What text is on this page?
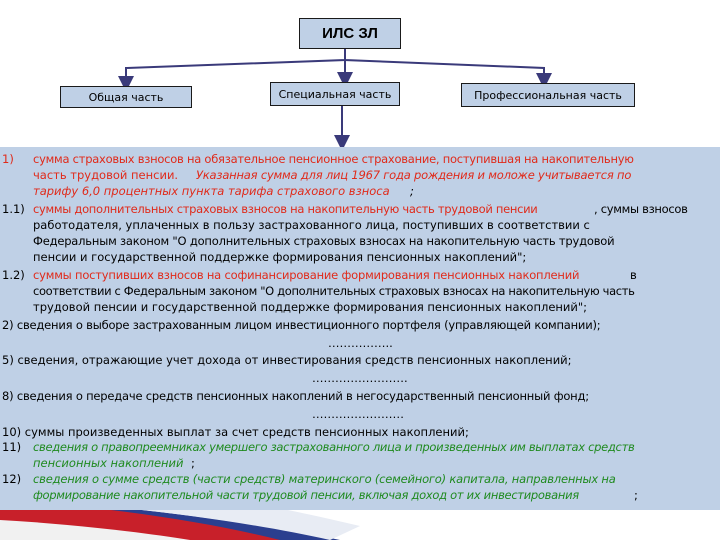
ИЛС ЗЛ
Общая часть	Специальная часть	Профессиональная часть
1) сумма страховых взносов на обязательное пенсионное страхование, поступившая на накопительную
часть трудовой пенсии. Указанная сумма для лиц 1967 года рождения и моложе учитывается по
тарифу 6,0 процентных пункта тарифа страхового взноса ;
1.1) суммы дополнительных страховых взносов на накопительную часть трудовой пенсии	, суммы взносов
работодателя, уплаченных в пользу застрахованного лица, поступивших в соответствии с
Федеральным законом "О дополнительных страховых взносах на накопительную часть трудовой
пенсии и государственной поддержке формирования пенсионных накоплений";
1.2) суммы поступивших взносов на софинансирование формирования пенсионных накоплений	в
соответствии с Федеральным законом "О дополнительных страховых взносах на накопительную часть
трудовой пенсии и государственной поддержке формирования пенсионных накоплений";
2) сведения о выборе застрахованным лицом инвестиционного портфеля (управляющей компании);
……………..
5) сведения, отражающие учет дохода от инвестирования средств пенсионных накоплений;
…………………….
8) сведения о передаче средств пенсионных накоплений в негосударственный пенсионный фонд;
……………………
10) суммы произведенных выплат за счет средств пенсионных накоплений;
11) сведения о правопреемниках умершего застрахованного лица и произведенных им выплатах средств
пенсионных накоплений ;
12) сведения о сумме средств (части средств) материнского (семейного) капитала, направленных на
формирование накопительной части трудовой пенсии, включая доход от их инвестирования	;
